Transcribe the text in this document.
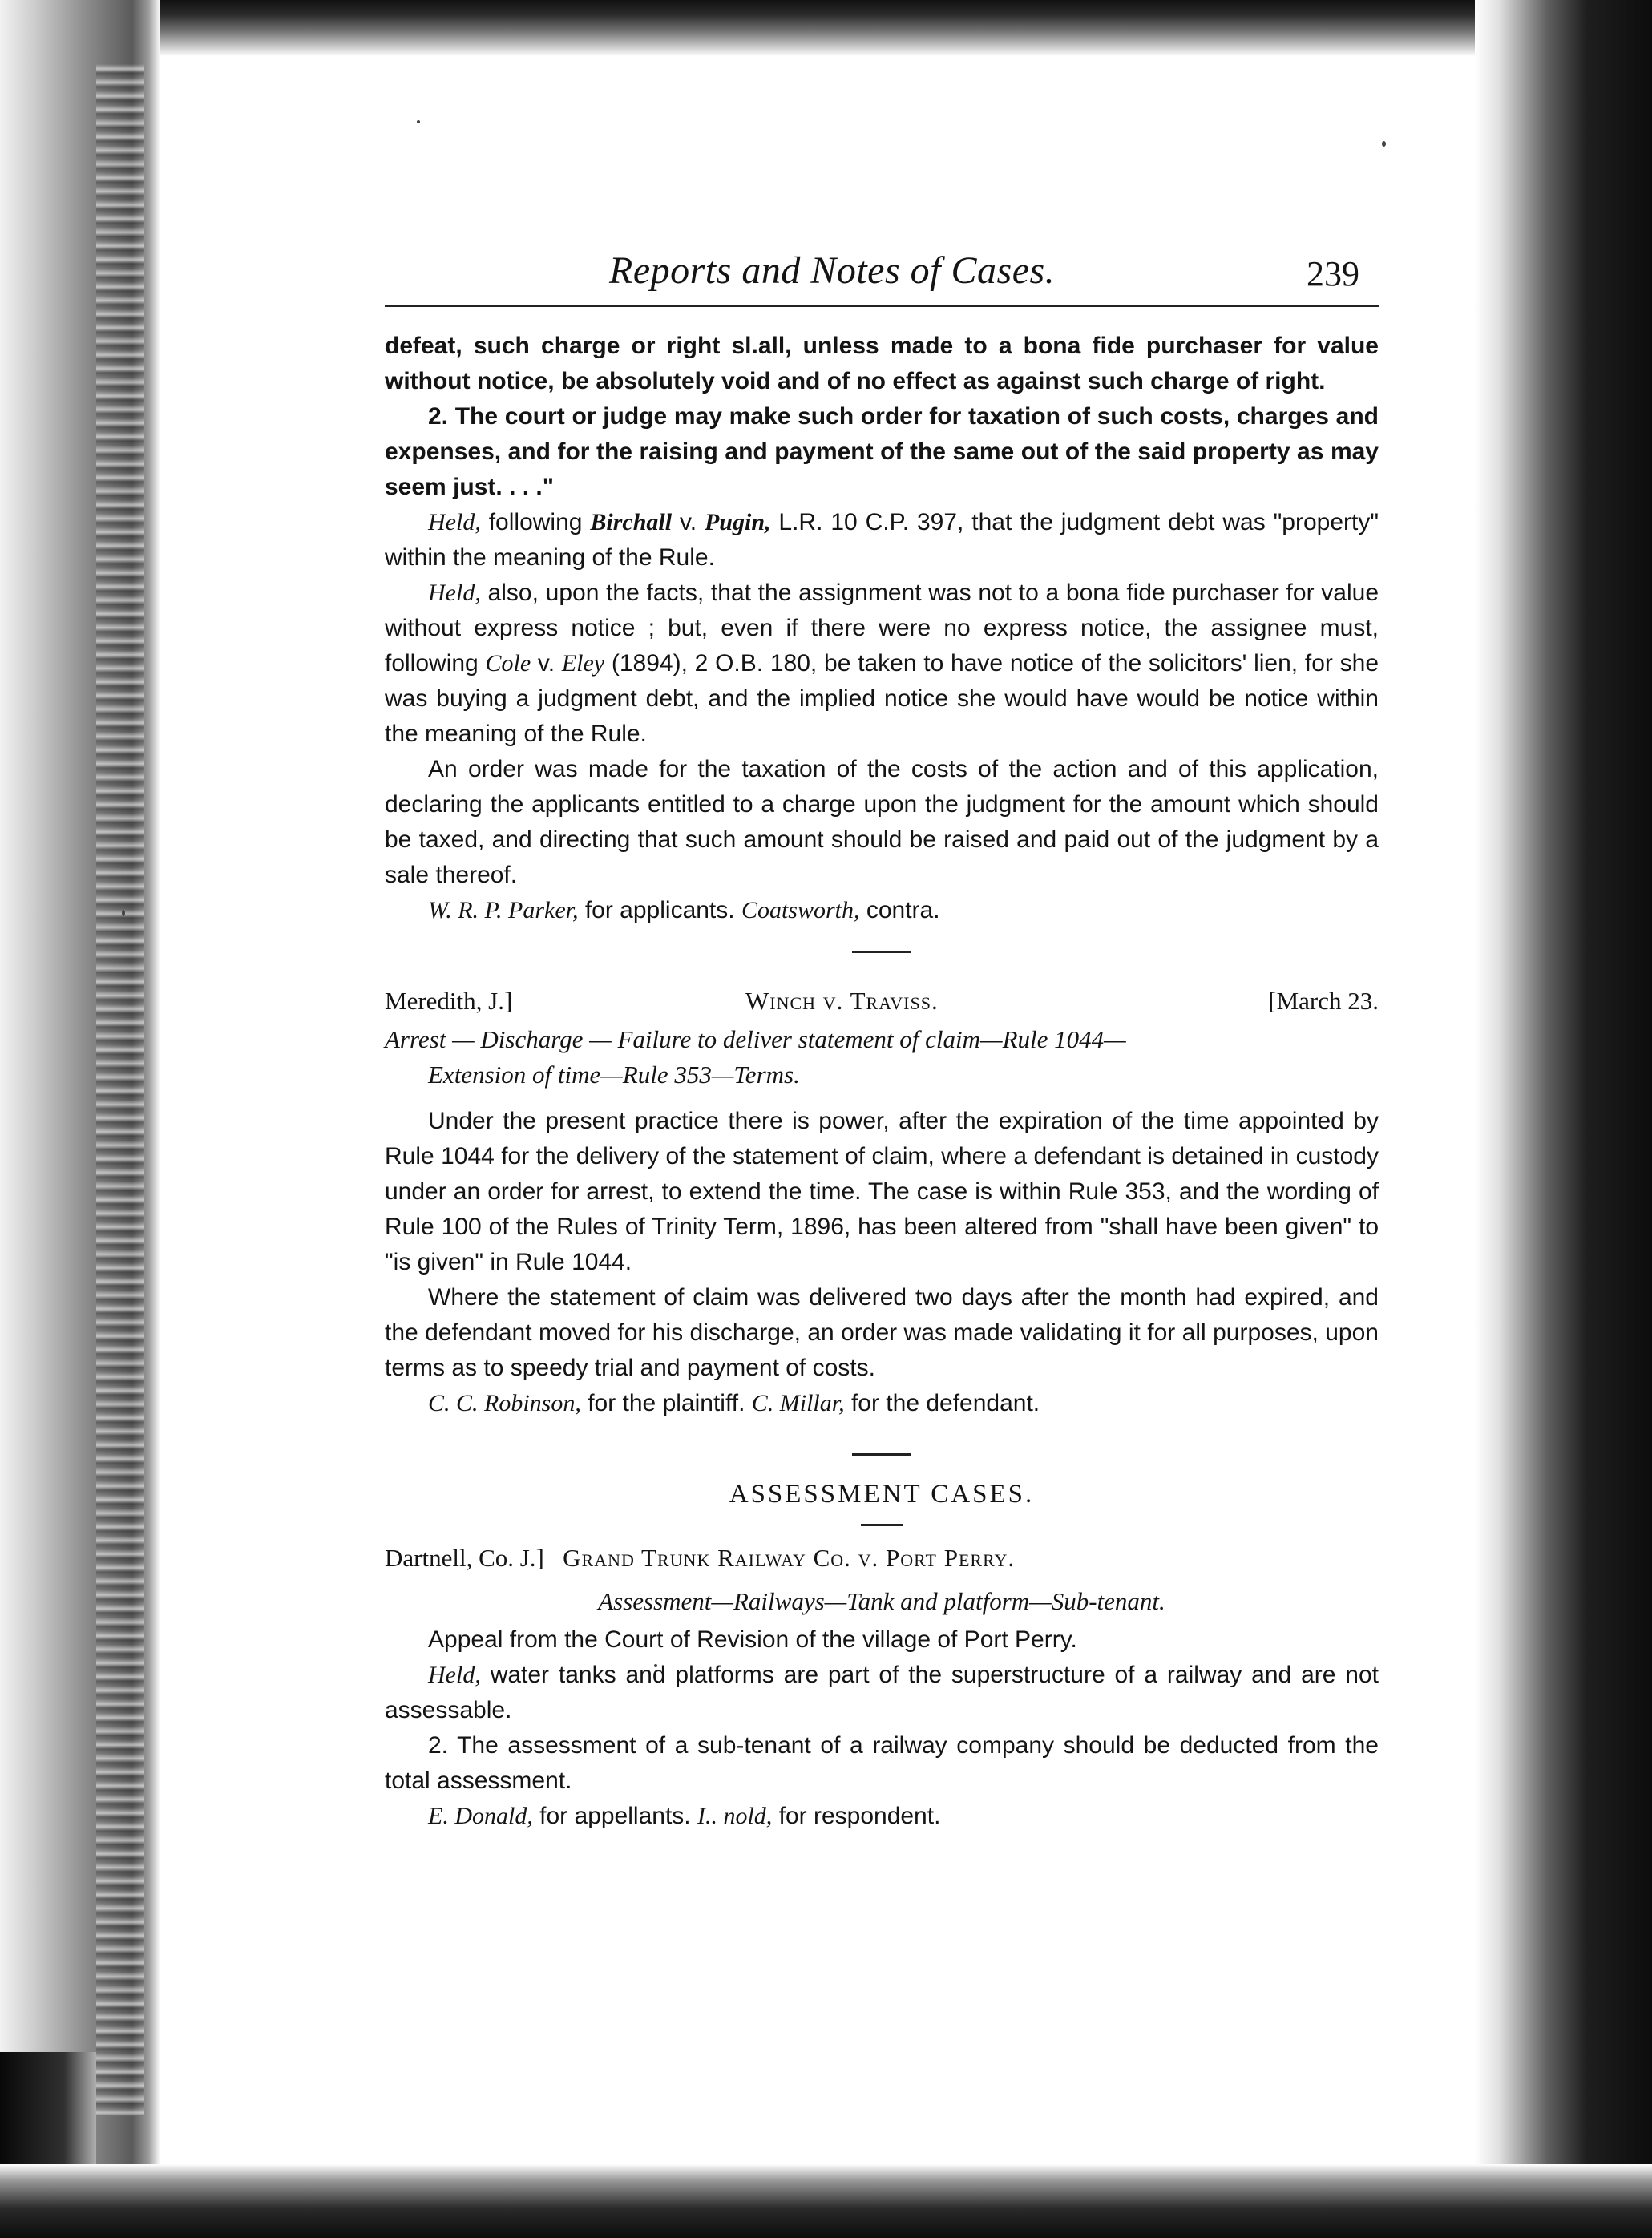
Reports and Notes of Cases.	239

defeat, such charge or right sl.all, unless made to a bona fide purchaser for value without notice, be absolutely void and of no effect as against such charge of right.

2. The court or judge may make such order for taxation of such costs, charges and expenses, and for the raising and payment of the same out of the said property as may seem just. . . ."

Held, following Birchall v. Pugin, L.R. 10 C.P. 397, that the judgment debt was "property" within the meaning of the Rule.

Held, also, upon the facts, that the assignment was not to a bona fide purchaser for value without express notice ; but, even if there were no express notice, the assignee must, following Cole v. Eley (1894), 2 O.B. 180, be taken to have notice of the solicitors' lien, for she was buying a judgment debt, and the implied notice she would have would be notice within the meaning of the Rule.

An order was made for the taxation of the costs of the action and of this application, declaring the applicants entitled to a charge upon the judgment for the amount which should be taxed, and directing that such amount should be raised and paid out of the judgment by a sale thereof.

W. R. P. Parker, for applicants. Coatsworth, contra.

Meredith, J.]	Winch v. Traviss.	[March 23.

Arrest — Discharge — Failure to deliver statement of claim—Rule 1044—

Extension of time—Rule 353—Terms.

Under the present practice there is power, after the expiration of the time appointed by Rule 1044 for the delivery of the statement of claim, where a defendant is detained in custody under an order for arrest, to extend the time. The case is within Rule 353, and the wording of Rule 100 of the Rules of Trinity Term, 1896, has been altered from "shall have been given" to "is given" in Rule 1044.

Where the statement of claim was delivered two days after the month had expired, and the defendant moved for his discharge, an order was made validating it for all purposes, upon terms as to speedy trial and payment of costs.

C. C. Robinson, for the plaintiff. C. Millar, for the defendant.

ASSESSMENT CASES.

Dartnell, Co. J.] Grand Trunk Railway Co. v. Port Perry.

Assessment—Railways—Tank and platform—Sub-tenant.

Appeal from the Court of Revision of the village of Port Perry.

Held, water tanks and platforms are part of the superstructure of a railway and are not assessable.

2. The assessment of a sub-tenant of a railway company should be deducted from the total assessment.

E. Donald, for appellants. I.. nold, for respondent.
